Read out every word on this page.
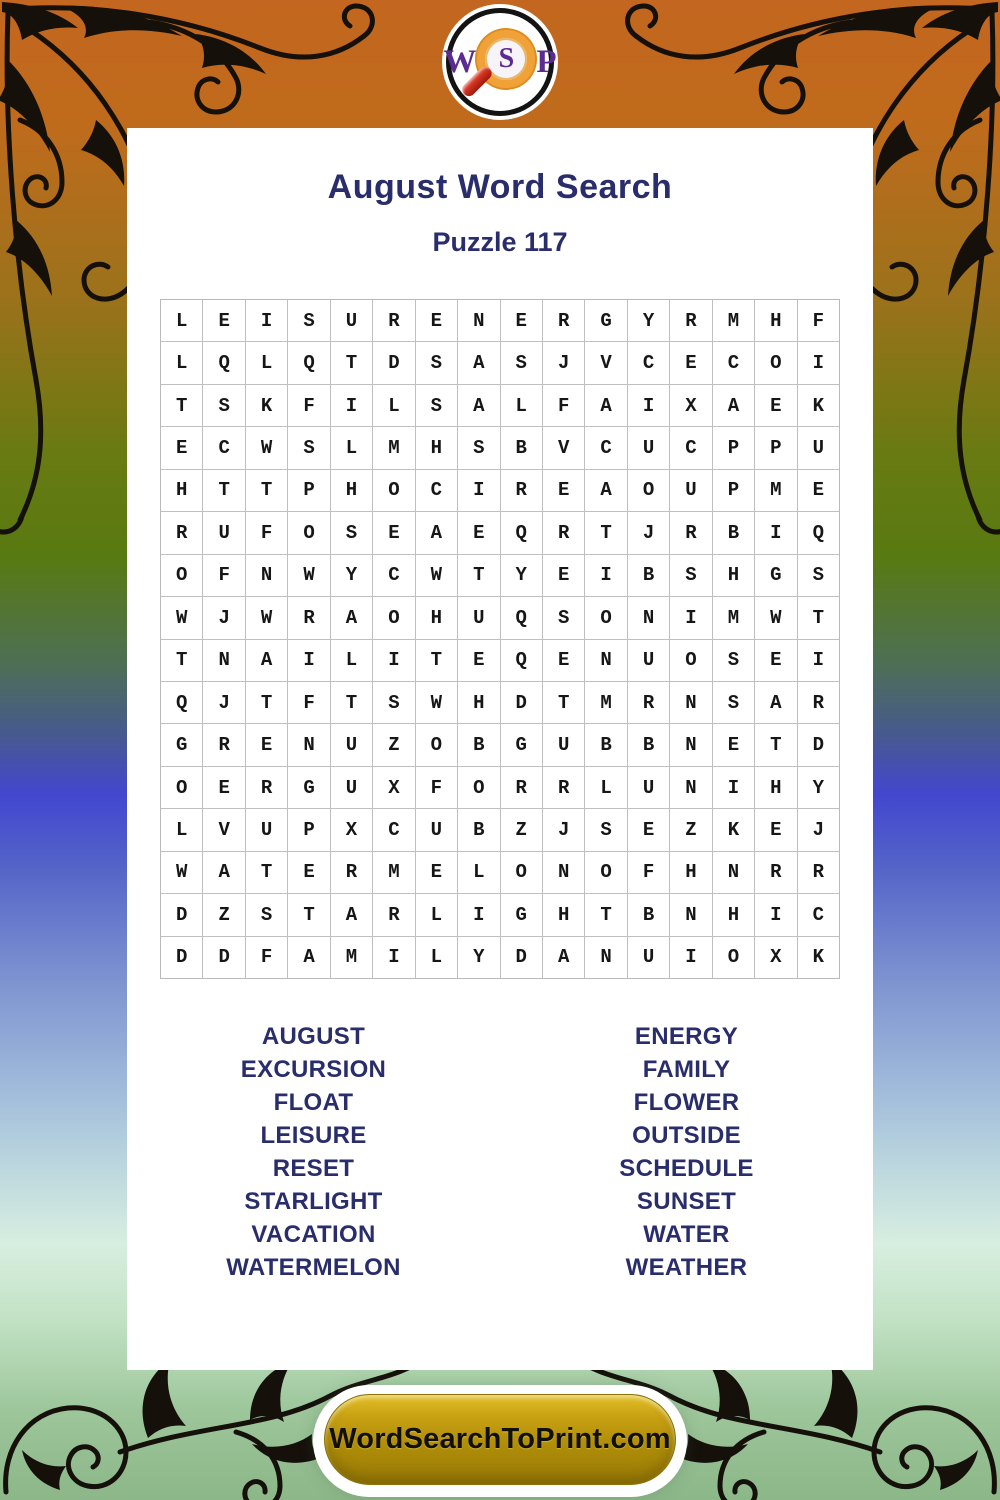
W S P
August Word Search
Puzzle 117
L	E	I	S	U	R	E	N	E	R	G	Y	R	M	H	F
L	Q	L	Q	T	D	S	A	S	J	V	C	E	C	O	I
T	S	K	F	I	L	S	A	L	F	A	I	X	A	E	K
E	C	W	S	L	M	H	S	B	V	C	U	C	P	P	U
H	T	T	P	H	O	C	I	R	E	A	O	U	P	M	E
R	U	F	O	S	E	A	E	Q	R	T	J	R	B	I	Q
O	F	N	W	Y	C	W	T	Y	E	I	B	S	H	G	S
W	J	W	R	A	O	H	U	Q	S	O	N	I	M	W	T
T	N	A	I	L	I	T	E	Q	E	N	U	O	S	E	I
Q	J	T	F	T	S	W	H	D	T	M	R	N	S	A	R
G	R	E	N	U	Z	O	B	G	U	B	B	N	E	T	D
O	E	R	G	U	X	F	O	R	R	L	U	N	I	H	Y
L	V	U	P	X	C	U	B	Z	J	S	E	Z	K	E	J
W	A	T	E	R	M	E	L	O	N	O	F	H	N	R	R
D	Z	S	T	A	R	L	I	G	H	T	B	N	H	I	C
D	D	F	A	M	I	L	Y	D	A	N	U	I	O	X	K
AUGUST
EXCURSION
FLOAT
LEISURE
RESET
STARLIGHT
VACATION
WATERMELON
ENERGY
FAMILY
FLOWER
OUTSIDE
SCHEDULE
SUNSET
WATER
WEATHER
WordSearchToPrint.com
